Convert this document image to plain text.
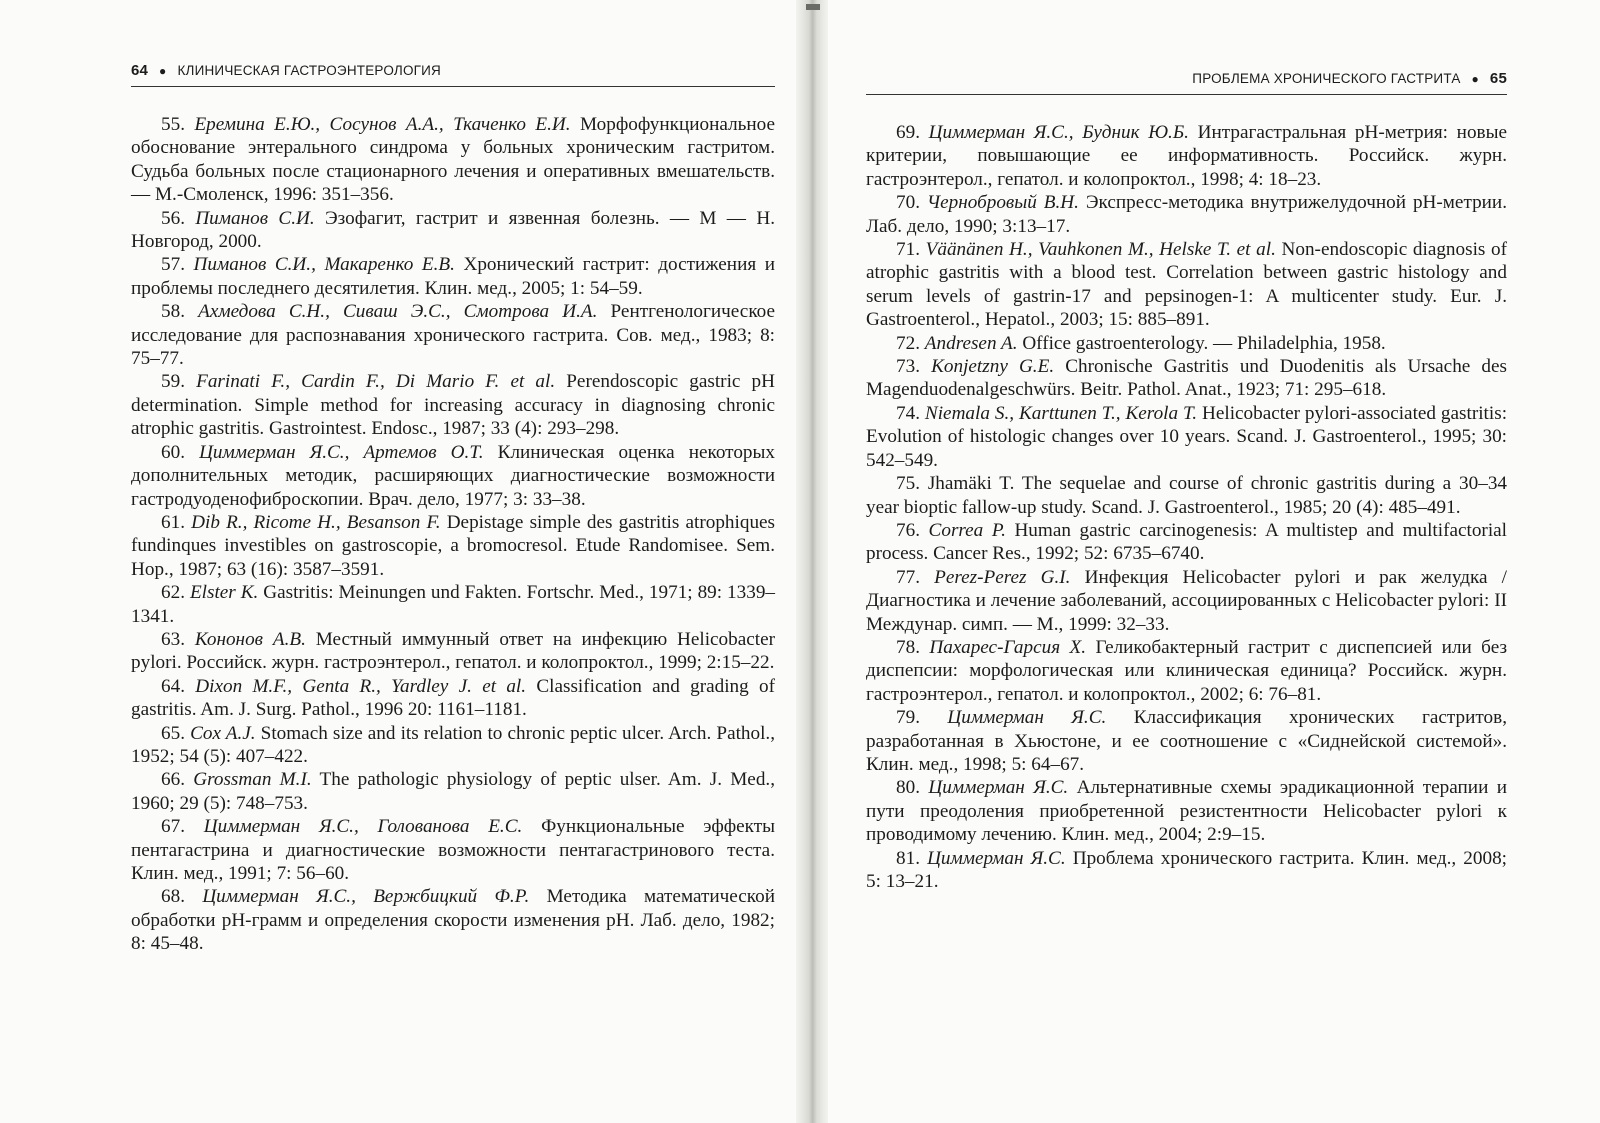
64 ● КЛИНИЧЕСКАЯ ГАСТРОЭНТЕРОЛОГИЯ
ПРОБЛЕМА ХРОНИЧЕСКОГО ГАСТРИТА ● 65

55. Еремина Е.Ю., Сосунов А.А., Ткаченко Е.И. Морфофункциональное обоснование энтерального синдрома у больных хроническим гастритом. Судьба больных после стационарного лечения и оперативных вмешательств. — М.-Смоленск, 1996: 351–356.

56. Пиманов С.И. Эзофагит, гастрит и язвенная болезнь. — М — Н. Новгород, 2000.

57. Пиманов С.И., Макаренко Е.В. Хронический гастрит: достижения и проблемы последнего десятилетия. Клин. мед., 2005; 1: 54–59.

58. Ахмедова С.Н., Сиваш Э.С., Смотрова И.А. Рентгенологическое исследование для распознавания хронического гастрита. Сов. мед., 1983; 8: 75–77.

59. Farinati F., Cardin F., Di Mario F. et al. Perendoscopic gastric pH determination. Simple method for increasing accuracy in diagnosing chronic atrophic gastritis. Gastrointest. Endosc., 1987; 33 (4): 293–298.

60. Циммерман Я.С., Артемов О.Т. Клиническая оценка некоторых дополнительных методик, расширяющих диагностические возможности гастродуоденофиброскопии. Врач. дело, 1977; 3: 33–38.

61. Dib R., Ricome H., Besanson F. Depistage simple des gastritis atrophiques fundinques investibles on gastroscopie, a bromocresol. Etude Randomisee. Sem. Hop., 1987; 63 (16): 3587–3591.

62. Elster K. Gastritis: Meinungen und Fakten. Fortschr. Med., 1971; 89: 1339–1341.

63. Кононов А.В. Местный иммунный ответ на инфекцию Helicobacter pylori. Российск. журн. гастроэнтерол., гепатол. и колопроктол., 1999; 2:15–22.

64. Dixon M.F., Genta R., Yardley J. et al. Classification and grading of gastritis. Am. J. Surg. Pathol., 1996 20: 1161–1181.

65. Cox A.J. Stomach size and its relation to chronic peptic ulcer. Arch. Pathol., 1952; 54 (5): 407–422.

66. Grossman M.I. The pathologic physiology of peptic ulser. Am. J. Med., 1960; 29 (5): 748–753.

67. Циммерман Я.С., Голованова Е.С. Функциональные эффекты пентагастрина и диагностические возможности пентагастринового теста. Клин. мед., 1991; 7: 56–60.

68. Циммерман Я.С., Вержбицкий Ф.Р. Методика математической обработки pH-грамм и определения скорости изменения pH. Лаб. дело, 1982; 8: 45–48.

69. Циммерман Я.С., Будник Ю.Б. Интрагастральная pH-метрия: новые критерии, повышающие ее информативность. Российск. журн. гастроэнтерол., гепатол. и колопроктол., 1998; 4: 18–23.

70. Чернобровый В.Н. Экспресс-методика внутрижелудочной pH-метрии. Лаб. дело, 1990; 3:13–17.

71. Väänänen H., Vauhkonen M., Helske T. et al. Non-endoscopic diagnosis of atrophic gastritis with a blood test. Correlation between gastric histology and serum levels of gastrin-17 and pepsinogen-1: A multicenter study. Eur. J. Gastroenterol., Hepatol., 2003; 15: 885–891.

72. Andresen A. Office gastroenterology. — Philadelphia, 1958.

73. Konjetzny G.E. Chronische Gastritis und Duodenitis als Ursache des Magenduodenalgeschwürs. Beitr. Pathol. Anat., 1923; 71: 295–618.

74. Niemala S., Karttunen T., Kerola T. Helicobacter pylori-associated gastritis: Evolution of histologic changes over 10 years. Scand. J. Gastroenterol., 1995; 30: 542–549.

75. Jhamäki T. The sequelae and course of chronic gastritis during a 30–34 year bioptic fallow-up study. Scand. J. Gastroenterol., 1985; 20 (4): 485–491.

76. Correa P. Human gastric carcinogenesis: A multistep and multifactorial process. Cancer Res., 1992; 52: 6735–6740.

77. Perez-Perez G.I. Инфекция Helicobacter pylori и рак желудка / Диагностика и лечение заболеваний, ассоциированных с Helicobacter pylori: II Междунар. симп. — М., 1999: 32–33.

78. Пахарес-Гарсия Х. Геликобактерный гастрит с диспепсией или без диспепсии: морфологическая или клиническая единица? Российск. журн. гастроэнтерол., гепатол. и колопроктол., 2002; 6: 76–81.

79. Циммерман Я.С. Классификация хронических гастритов, разработанная в Хьюстоне, и ее соотношение с «Сиднейской системой». Клин. мед., 1998; 5: 64–67.

80. Циммерман Я.С. Альтернативные схемы эрадикационной терапии и пути преодоления приобретенной резистентности Helicobacter pylori к проводимому лечению. Клин. мед., 2004; 2:9–15.

81. Циммерман Я.С. Проблема хронического гастрита. Клин. мед., 2008; 5: 13–21.
